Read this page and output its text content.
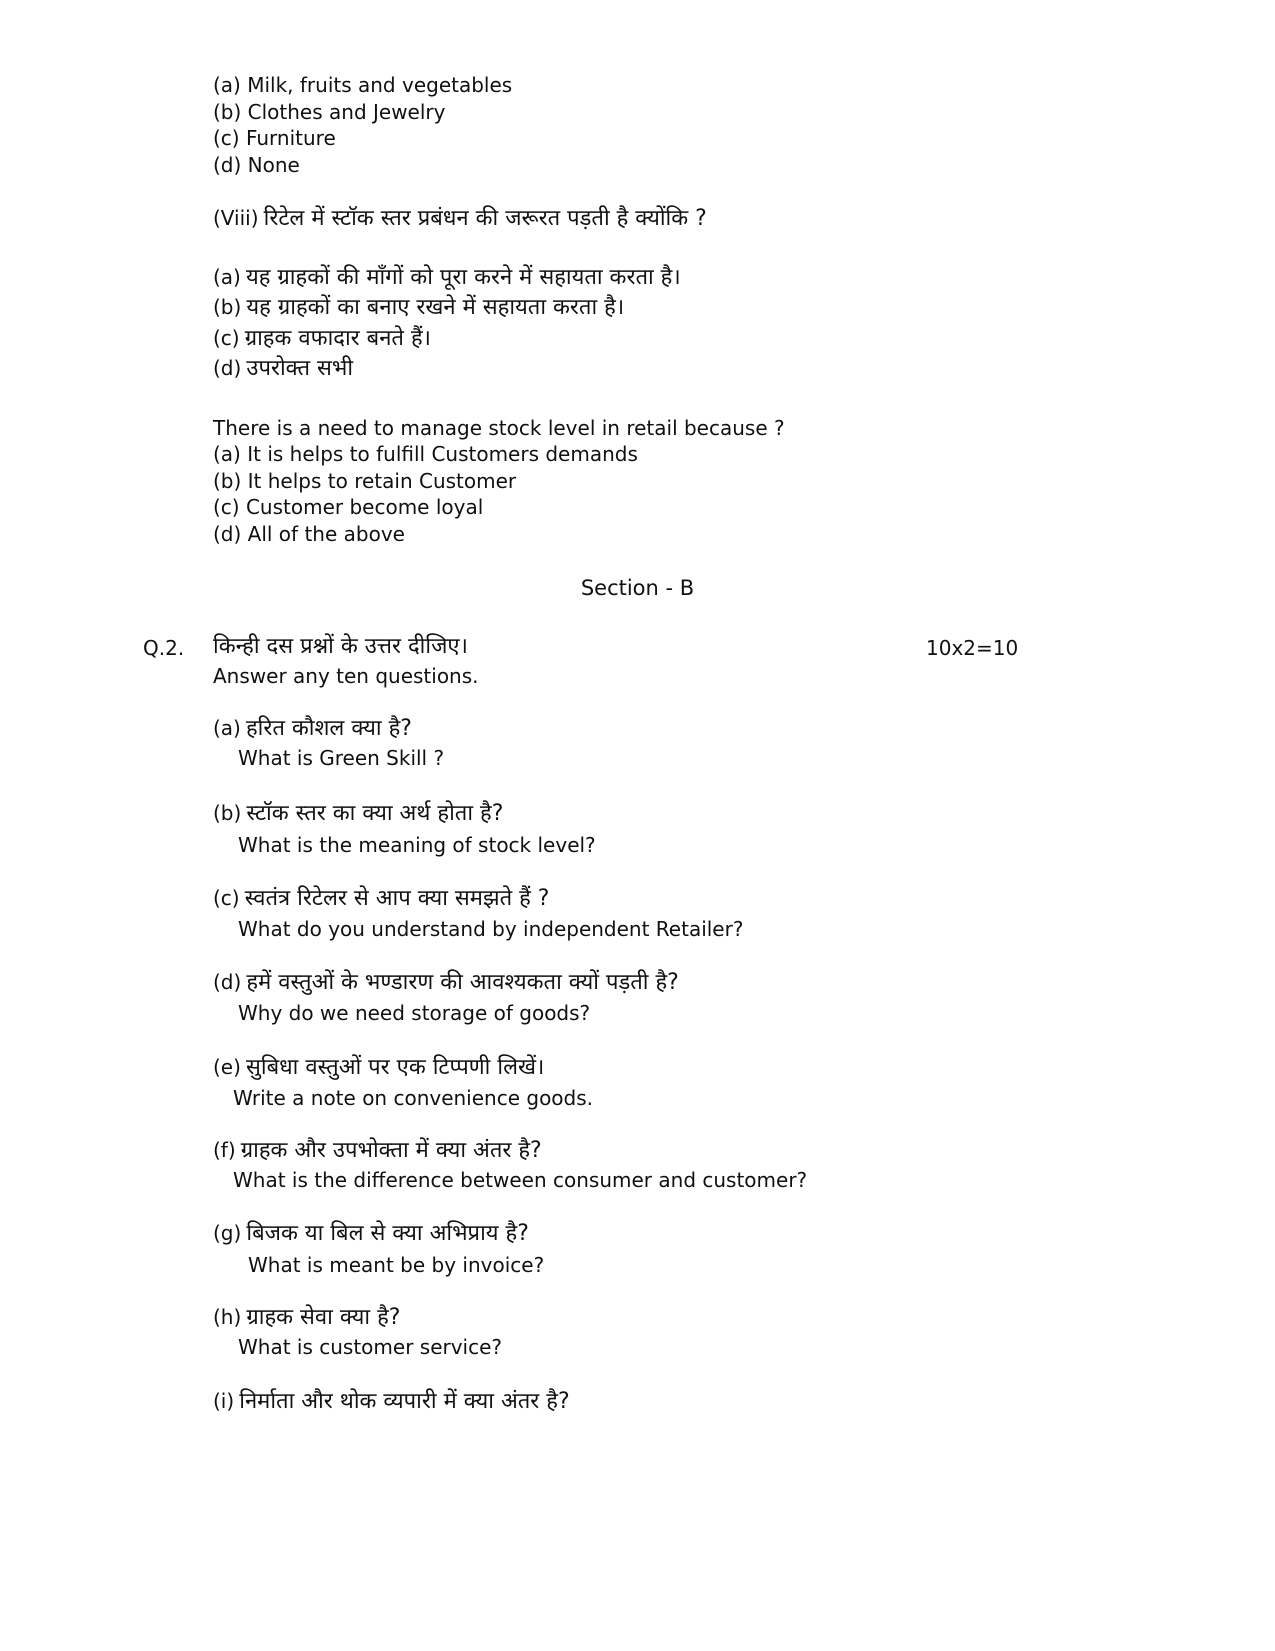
(a) Milk, fruits and vegetables
(b) Clothes and Jewelry
(c) Furniture
(d) None
(Viii) रिटेल में स्टॉक स्तर प्रबंधन की जरूरत पड़ती है क्योंकि ?
(a) यह ग्राहकों की माँगों को पूरा करने में सहायता करता है।
(b) यह ग्राहकों का बनाए रखने में सहायता करता है।
(c) ग्राहक वफादार बनते हैं।
(d) उपरोक्त सभी
There is a need to manage stock level in retail because ?
(a) It is helps to fulfill Customers demands
(b) It helps to retain Customer
(c) Customer become loyal
(d) All of the above
Section - B
Q.2. किन्ही दस प्रश्नों के उत्तर दीजिए।	10x2=10
Answer any ten questions.
(a) हरित कौशल क्या है?
What is Green Skill ?
(b) स्टॉक स्तर का क्या अर्थ होता है?
What is the meaning of stock level?
(c) स्वतंत्र रिटेलर से आप क्या समझते हैं ?
What do you understand by independent Retailer?
(d) हमें वस्तुओं के भण्डारण की आवश्यकता क्यों पड़ती है?
Why do we need storage of goods?
(e) सुबिधा वस्तुओं पर एक टिप्पणी लिखें।
Write a note on convenience goods.
(f) ग्राहक और उपभोक्ता में क्या अंतर है?
What is the difference between consumer and customer?
(g) बिजक या बिल से क्या अभिप्राय है?
What is meant be by invoice?
(h) ग्राहक सेवा क्या है?
What is customer service?
(i) निर्माता और थोक व्यपारी में क्या अंतर है?
